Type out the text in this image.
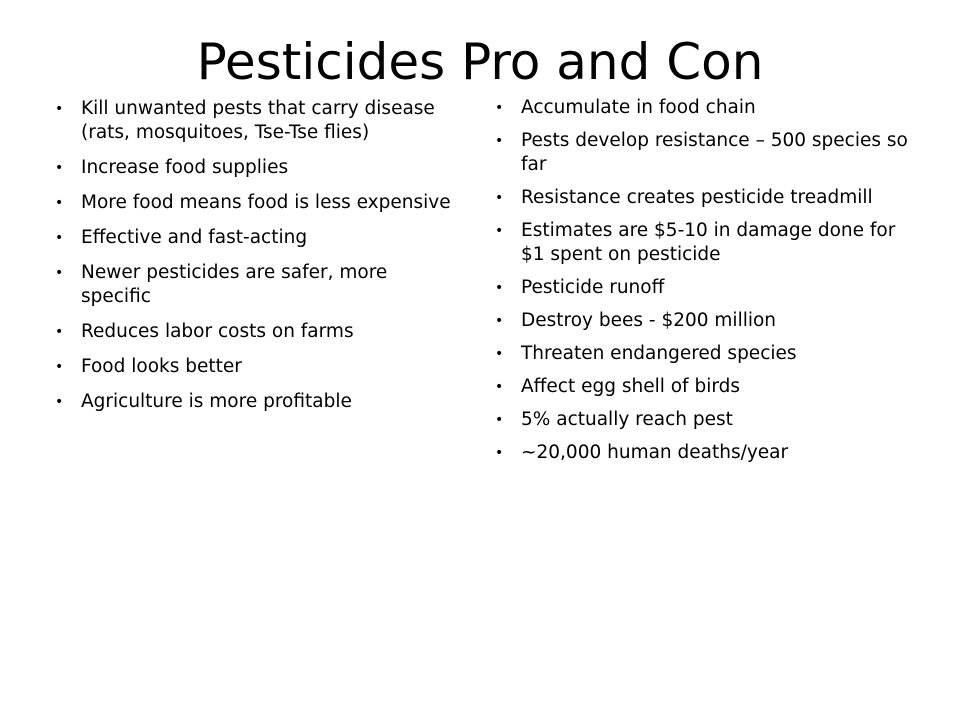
Pesticides Pro and Con
• Kill unwanted pests that carry disease (rats, mosquitoes, Tse-Tse flies)
• Increase food supplies
• More food means food is less expensive
• Effective and fast-acting
• Newer pesticides are safer, more specific
• Reduces labor costs on farms
• Food looks better
• Agriculture is more profitable
• Accumulate in food chain
• Pests develop resistance – 500 species so far
• Resistance creates pesticide treadmill
• Estimates are $5-10 in damage done for $1 spent on pesticide
• Pesticide runoff
• Destroy bees - $200 million
• Threaten endangered species
• Affect egg shell of birds
• 5% actually reach pest
• ~20,000 human deaths/year
